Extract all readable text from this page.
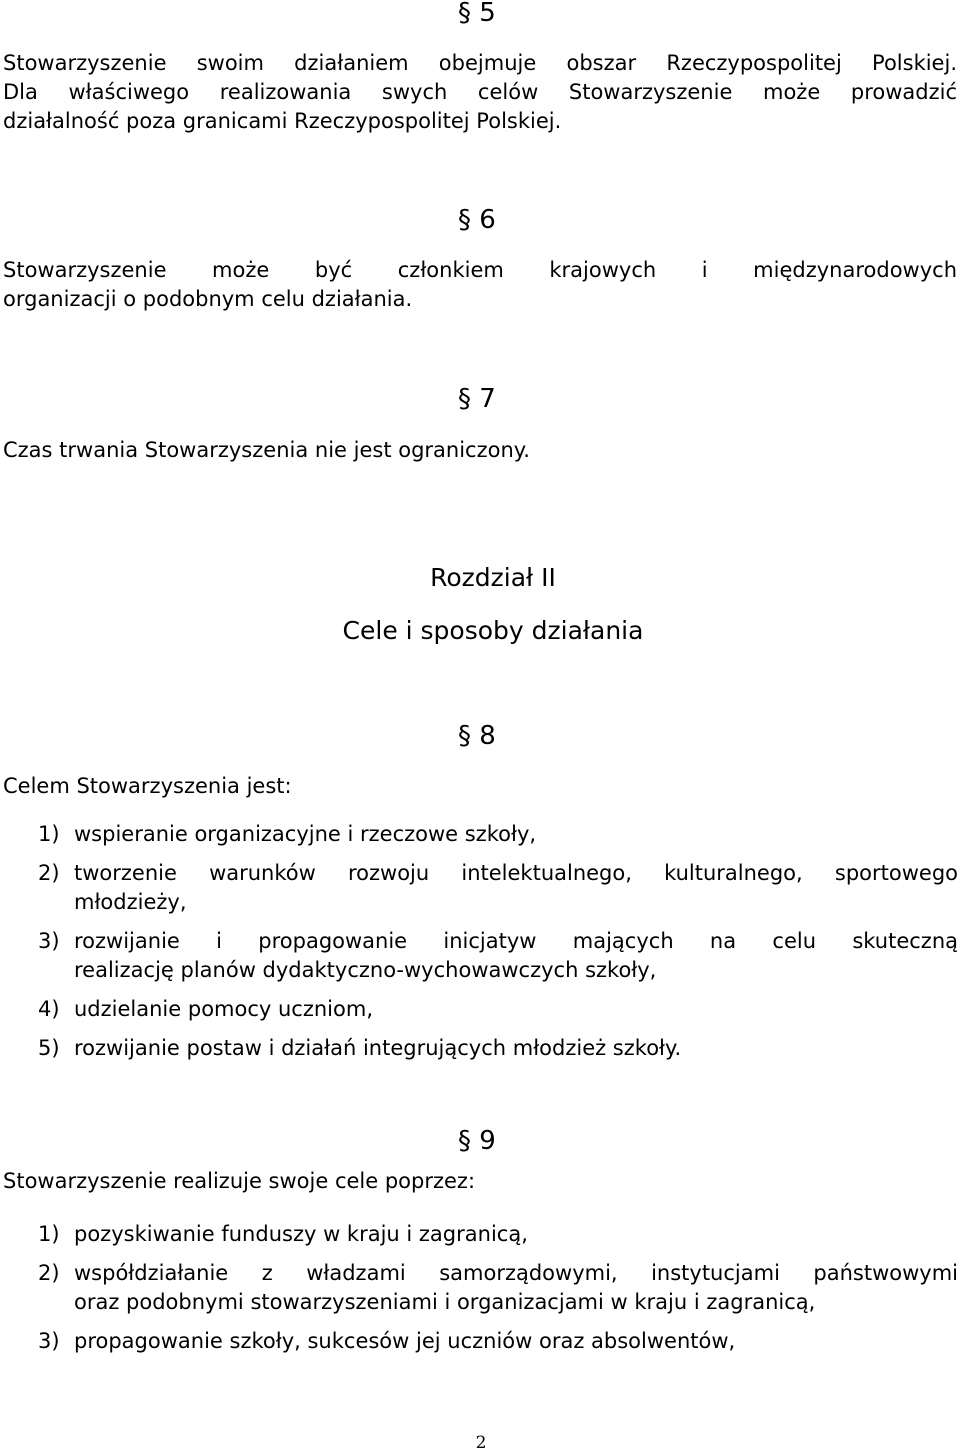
§ 5
Stowarzyszenie swoim działaniem obejmuje obszar Rzeczypospolitej Polskiej.
Dla właściwego realizowania swych celów Stowarzyszenie może prowadzić
działalność poza granicami Rzeczypospolitej Polskiej.
§ 6
Stowarzyszenie może być członkiem krajowych i międzynarodowych
organizacji o podobnym celu działania.
§ 7
Czas trwania Stowarzyszenia nie jest ograniczony.
Rozdział II
Cele i sposoby działania
§ 8
Celem Stowarzyszenia jest:
1) wspieranie organizacyjne i rzeczowe szkoły,
2) tworzenie warunków rozwoju intelektualnego, kulturalnego, sportowego
młodzieży,
3) rozwijanie i propagowanie inicjatyw mających na celu skuteczną
realizację planów dydaktyczno-wychowawczych szkoły,
4) udzielanie pomocy uczniom,
5) rozwijanie postaw i działań integrujących młodzież szkoły.
§ 9
Stowarzyszenie realizuje swoje cele poprzez:
1) pozyskiwanie funduszy w kraju i zagranicą,
2) współdziałanie z władzami samorządowymi, instytucjami państwowymi
oraz podobnymi stowarzyszeniami i organizacjami w kraju i zagranicą,
3) propagowanie szkoły, sukcesów jej uczniów oraz absolwentów,
2
